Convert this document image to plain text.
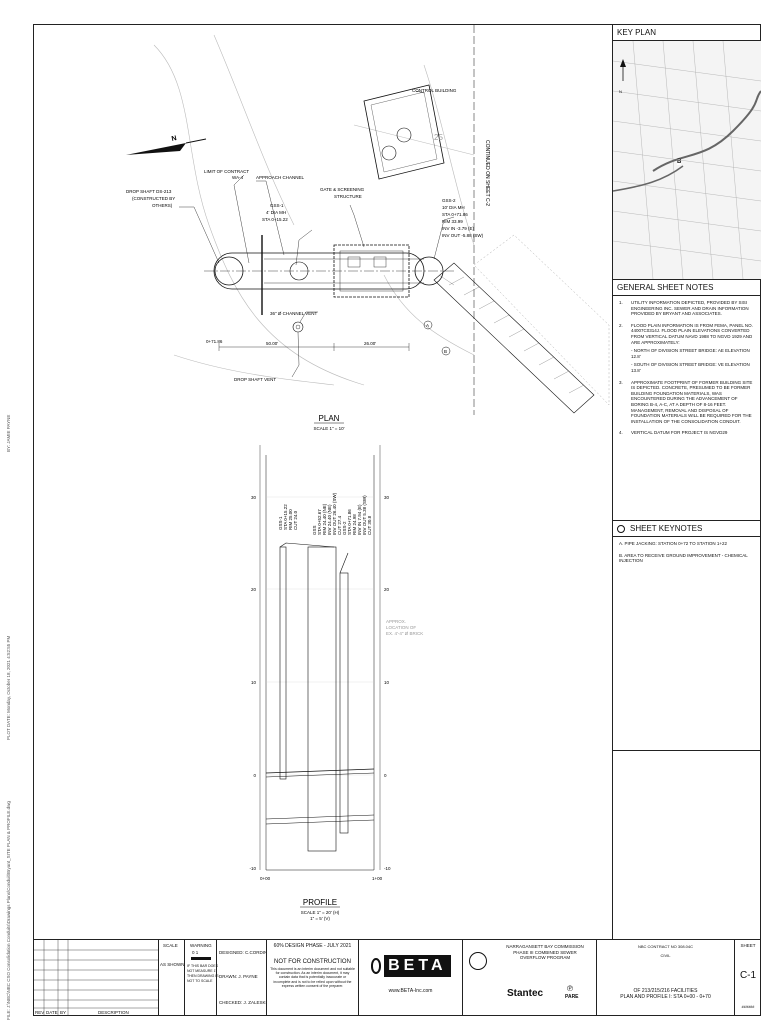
FILE: J:\NBC\NBC CSO Consolidation Conduits\Drawings Plans\Conduit\Bryant_SITE PLAN & PROFILE.dwg
PLOT DATE: Monday, October 18, 2021 4:52:55 PM
BY: JAMIE PAYNE
N
CONTROL BUILDING
25
CONTINUED ON SHEET C-2
A
B
LIMIT OF CONTRACT
WA-4	APPROACH CHANNEL
GATE & SCREENING
STRUCTURE
DROP SHAFT DS-213
(CONSTRUCTED BY
OTHERS)	GSS-1
4' DIA MH
STA 0+15.22
GSS-2
10' DIA MH
STA 0+71.86
RIM 33.99
INV IN -3.79 (E)
INV OUT -5.88 (SW)
36" Ø CHANNEL VENT
DROP SHAFT VENT
0+71.86	50.00'	26.00'
PLAN
SCALE 1" = 10'
30
20
10
0
-10
30
20
10
0
-10
0+00	1+00
GSS-1 STA 0+15.22 RIM 25.00 CUT 24.0
GSS STA 0+52.67 RIM 24.40 (NE) INV 24.40 (NE) INV OUT 26.40 (SW) CUT 27.4 GSS-2 STA 0+71.86 RIM 24.98 INV IN 7.94 (E) INV OUT 5.38 (SW) CUT 30.8
APPROX.
LOCATION OF
EX. 4'-4" Ø BRICK
PROFILE
SCALE 1" = 20' (H)
1" = 5' (V)
KEY PLAN
N
B
GENERAL SHEET NOTES
1.	UTILITY INFORMATION DEPICTED, PROVIDED BY SISI ENGINEERING INC. SEWER AND DRAIN INFORMATION PROVIDED BY BRYANT AND ASSOCIATES.
2.	FLOOD PLAIN INFORMATION IS FROM FEMA, PANEL NO. 44007C0314J. FLOOD PLAIN ELEVATIONS CONVERTED FROM VERTICAL DATUM NAVD 1988 TO NGVD 1929 AND ARE APPROXIMATELY:
- NORTH OF DIVISION STREET BRIDGE: AE ELEVATION 12.8'
- SOUTH OF DIVISION STREET BRIDGE: VE ELEVATION 13.8'
3.	APPROXIMATE FOOTPRINT OF FORMER BUILDING SITE IS DEPICTED. CONCRETE, PRESUMED TO BE FORMER BUILDING FOUNDATION MATERIALS, WAS ENCOUNTERED DURING THE ADVANCEMENT OF BORING B-4, A-C, AT A DEPTH OF 8-16 FEET. MANAGEMENT, REMOVAL AND DISPOSAL OF FOUNDATION MATERIALS WILL BE REQUIRED FOR THE INSTALLATION OF THE CONSOLIDATION CONDUIT.
4.	VERTICAL DATUM FOR PROJECT IS NGVD29
SHEET KEYNOTES
A. PIPE JACKING: STATION 0+72 TO STATION 1+22
B. AREA TO RECEIVE GROUND IMPROVEMENT - CHEMICAL INJECTION
REV DATE BY	DESCRIPTION
SCALE
AS SHOWN
WARNING
0 1
IF THIS BAR DOES
NOT MEASURE 1"
THEN DRAWING IS
NOT TO SCALE
DESIGNED: C.CORDIN
DRAWN: J. PAYNE
CHECKED: J. ZALESKI
60% DESIGN PHASE - JULY 2021
NOT FOR CONSTRUCTION
This document is an interim document and not suitable for construction. As an interim document, it may contain data that is potentially inaccurate or incomplete and is not to be relied upon without the express written consent of the preparer.
BETA
www.BETA-Inc.com
NARRAGANSETT BAY COMMISSION
PHASE III COMBINED SEWER
OVERFLOW PROGRAM
Stantec	PARE
℗
NBC CONTRACT NO 308.04C
CIVIL
OF 213/215/216 FACILITIES
PLAN AND PROFILE I: STA 0+00 - 0+70
SHEET
C-1
##/####
